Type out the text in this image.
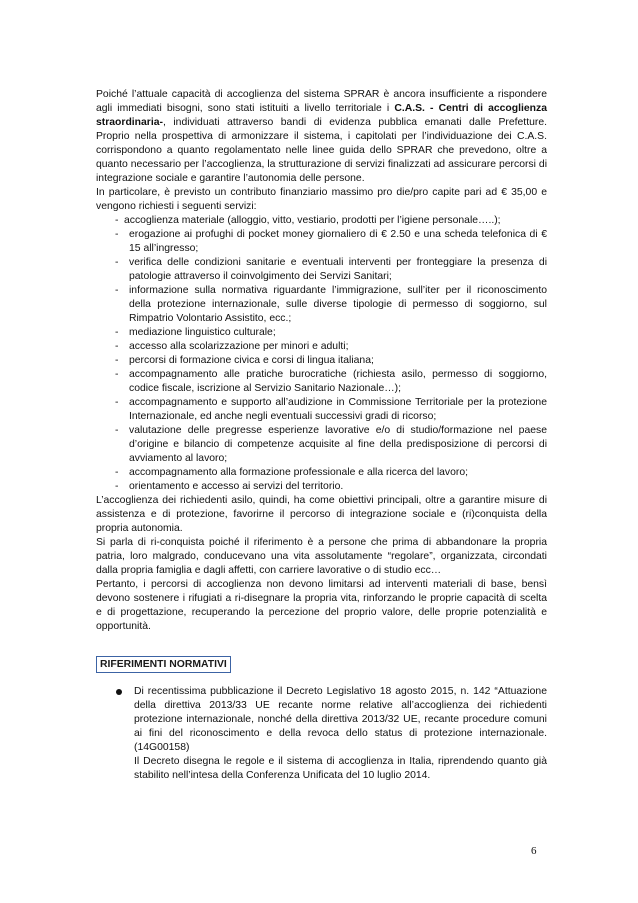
Poiché l’attuale capacità di accoglienza del sistema SPRAR è ancora insufficiente a rispondere agli immediati bisogni, sono stati istituiti a livello territoriale i C.A.S. - Centri di accoglienza straordinaria-, individuati attraverso bandi di evidenza pubblica emanati dalle Prefetture.

Proprio nella prospettiva di armonizzare il sistema, i capitolati per l’individuazione dei C.A.S. corrispondono a quanto regolamentato nelle linee guida dello SPRAR che prevedono, oltre a quanto necessario per l’accoglienza, la strutturazione di servizi finalizzati ad assicurare percorsi di integrazione sociale e garantire l’autonomia delle persone.

In particolare, è previsto un contributo finanziario massimo pro die/pro capite pari ad € 35,00 e vengono richiesti i seguenti servizi:

- accoglienza materiale (alloggio, vitto, vestiario, prodotti per l’igiene personale…..);
- erogazione ai profughi di pocket money giornaliero di € 2.50 e una scheda telefonica di € 15 all’ingresso;
- verifica delle condizioni sanitarie e eventuali interventi per fronteggiare la presenza di patologie attraverso il coinvolgimento dei Servizi Sanitari;
- informazione sulla normativa riguardante l’immigrazione, sull’iter per il riconoscimento della protezione internazionale, sulle diverse tipologie di permesso di soggiorno, sul Rimpatrio Volontario Assistito, ecc.;
- mediazione linguistico culturale;
- accesso alla scolarizzazione per minori e adulti;
- percorsi di formazione civica e corsi di lingua italiana;
- accompagnamento alle pratiche burocratiche (richiesta asilo, permesso di soggiorno, codice fiscale, iscrizione al Servizio Sanitario Nazionale…);
- accompagnamento e supporto all’audizione in Commissione Territoriale per la protezione Internazionale, ed anche negli eventuali successivi gradi di ricorso;
- valutazione delle pregresse esperienze lavorative e/o di studio/formazione nel paese d’origine e bilancio di competenze acquisite al fine della predisposizione di percorsi di avviamento al lavoro;
- accompagnamento alla formazione professionale e alla ricerca del lavoro;
- orientamento e accesso ai servizi del territorio.

L’accoglienza dei richiedenti asilo, quindi, ha come obiettivi principali, oltre a garantire misure di assistenza e di protezione, favorirne il percorso di integrazione sociale e (ri)conquista della propria autonomia.

Si parla di ri-conquista poiché il riferimento è a persone che prima di abbandonare la propria patria, loro malgrado, conducevano una vita assolutamente “regolare”, organizzata, circondati dalla propria famiglia e dagli affetti, con carriere lavorative o di studio ecc…

Pertanto, i percorsi di accoglienza non devono limitarsi ad interventi materiali di base, bensì devono sostenere i rifugiati a ri-disegnare la propria vita, rinforzando le proprie capacità di scelta e di progettazione, recuperando la percezione del proprio valore, delle proprie potenzialità e opportunità.

RIFERIMENTI NORMATIVI

Di recentissima pubblicazione il Decreto Legislativo 18 agosto 2015, n. 142 “Attuazione della direttiva 2013/33 UE recante norme relative all’accoglienza dei richiedenti protezione internazionale, nonché della direttiva 2013/32 UE, recante procedure comuni ai fini del riconoscimento e della revoca dello status di protezione internazionale. (14G00158)

Il Decreto disegna le regole e il sistema di accoglienza in Italia, riprendendo quanto già stabilito nell’intesa della Conferenza Unificata del 10 luglio 2014.

6
